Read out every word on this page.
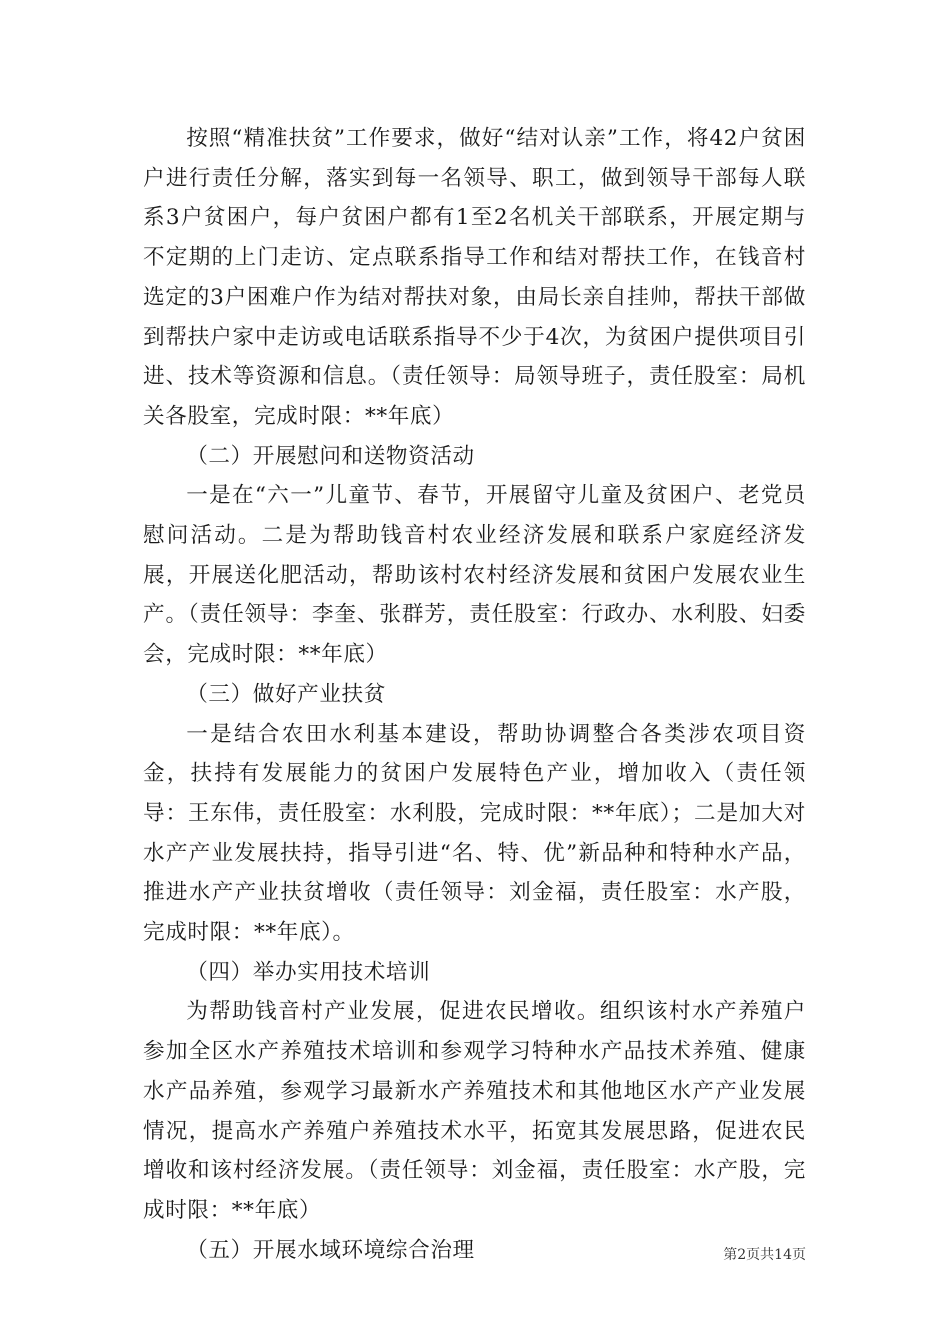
按照“精准扶贫”工作要求，做好“结对认亲”工作，将42户贫困户进行责任分解，落实到每一名领导、职工，做到领导干部每人联系3户贫困户，每户贫困户都有1至2名机关干部联系，开展定期与不定期的上门走访、定点联系指导工作和结对帮扶工作，在钱音村选定的3户困难户作为结对帮扶对象，由局长亲自挂帅，帮扶干部做到帮扶户家中走访或电话联系指导不少于4次，为贫困户提供项目引进、技术等资源和信息。（责任领导：局领导班子，责任股室：局机关各股室，完成时限：**年底）

（二）开展慰问和送物资活动

一是在“六一”儿童节、春节，开展留守儿童及贫困户、老党员慰问活动。二是为帮助钱音村农业经济发展和联系户家庭经济发展，开展送化肥活动，帮助该村农村经济发展和贫困户发展农业生产。（责任领导：李奎、张群芳，责任股室：行政办、水利股、妇委会，完成时限：**年底）

（三）做好产业扶贫

一是结合农田水利基本建设，帮助协调整合各类涉农项目资金，扶持有发展能力的贫困户发展特色产业，增加收入（责任领导：王东伟，责任股室：水利股，完成时限：**年底）；二是加大对水产产业发展扶持，指导引进“名、特、优”新品种和特种水产品，推进水产产业扶贫增收（责任领导：刘金福，责任股室：水产股，完成时限：**年底）。

（四）举办实用技术培训

为帮助钱音村产业发展，促进农民增收。组织该村水产养殖户参加全区水产养殖技术培训和参观学习特种水产品技术养殖、健康水产品养殖，参观学习最新水产养殖技术和其他地区水产产业发展情况，提高水产养殖户养殖技术水平，拓宽其发展思路，促进农民增收和该村经济发展。（责任领导：刘金福，责任股室：水产股，完成时限：**年底）

（五）开展水域环境综合治理	第2页共14页
